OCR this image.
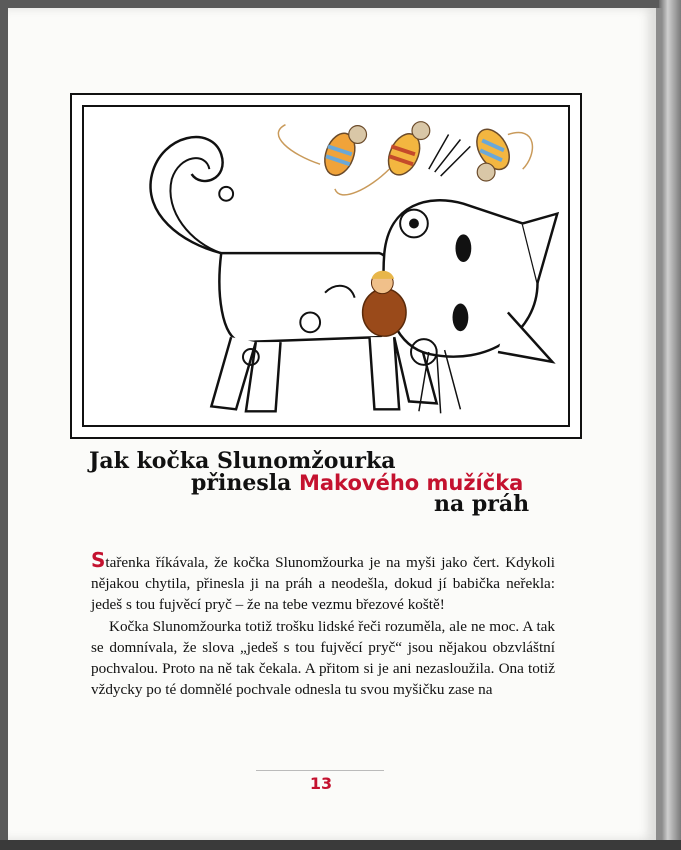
Jak kočka Slunomžourka
přinesla Makového mužíčka
na práh

Stařenka říkávala, že kočka Slunomžourka je na myši jako čert. Kdykoli nějakou chytila, přinesla ji na práh a neodešla, dokud jí babička neřekla: jedeš s tou fujvěcí pryč – že na tebe vezmu březové koště!

Kočka Slunomžourka totiž trošku lidské řeči rozuměla, ale ne moc. A tak se domnívala, že slova „jedeš s tou fujvěcí pryč“ jsou nějakou obzvláštní pochvalou. Proto na ně tak čekala. A přitom si je ani nezasloužila. Ona totiž vždycky po té domnělé pochvale odnesla tu svou myšičku zase na

13
